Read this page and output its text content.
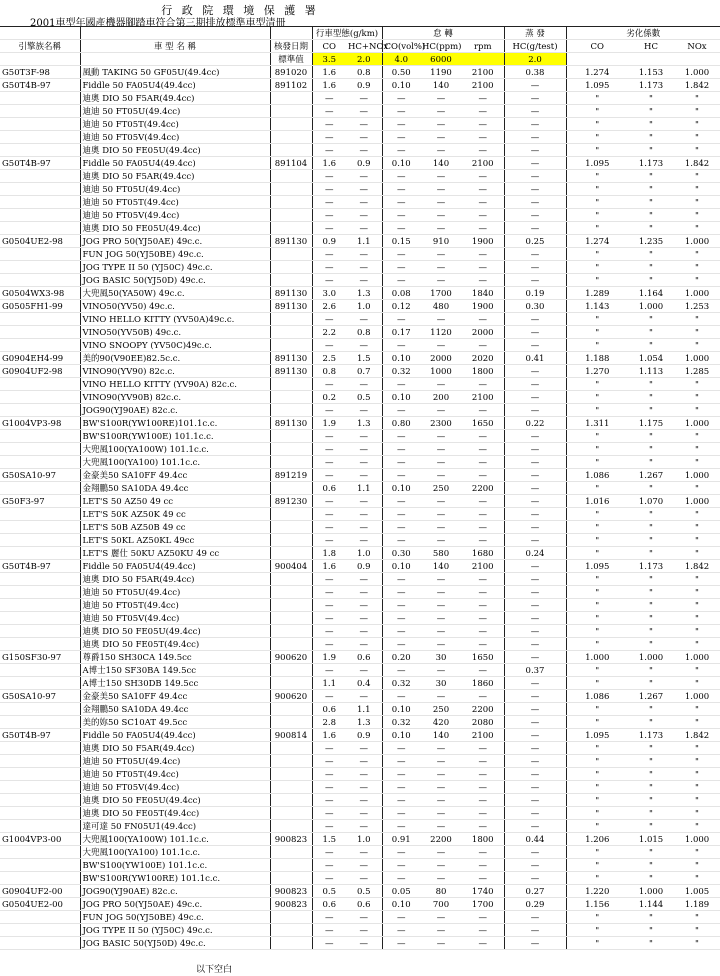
行 政 院 環 境 保 護 署
2001車型年國產機器腳踏車符合第三期排放標準車型清冊
			行車型態(g/km)		怠 轉			蒸 發	劣化係數		
引擎族名稱	車 型 名 稱	核發日期	CO	HC+NOx	CO(vol%)	HC(ppm)	rpm	HC(g/test)	CO	HC	NOx
		標準值	3.5	2.0	4.0	6000		2.0			
G50T3F-98	風動 TAKING 50 GF05U(49.4cc)	891020	1.6	0.8	0.50	1190	2100	0.38	1.274	1.153	1.000
G50T4B-97	Fiddle 50 FA05U4(49.4cc)	891102	1.6	0.9	0.10	140	2100	—	1.095	1.173	1.842
	迪奧 DIO 50 F5AR(49.4cc)		—	—	—	—	—	—	"	"	"
	迪迪 50 FT05U(49.4cc)		—	—	—	—	—	—	"	"	"
	迪迪 50 FT05T(49.4cc)		—	—	—	—	—	—	"	"	"
	迪迪 50 FT05V(49.4cc)		—	—	—	—	—	—	"	"	"
	迪奧 DIO 50 FE05U(49.4cc)		—	—	—	—	—	—	"	"	"
G50T4B-97	Fiddle 50 FA05U4(49.4cc)	891104	1.6	0.9	0.10	140	2100	—	1.095	1.173	1.842
	迪奧 DIO 50 F5AR(49.4cc)		—	—	—	—	—	—	"	"	"
	迪迪 50 FT05U(49.4cc)		—	—	—	—	—	—	"	"	"
	迪迪 50 FT05T(49.4cc)		—	—	—	—	—	—	"	"	"
	迪迪 50 FT05V(49.4cc)		—	—	—	—	—	—	"	"	"
	迪奧 DIO 50 FE05U(49.4cc)		—	—	—	—	—	—	"	"	"
G0504UE2-98	JOG PRO 50(YJ50AE) 49c.c.	891130	0.9	1.1	0.15	910	1900	0.25	1.274	1.235	1.000
	FUN JOG 50(YJ50BE) 49c.c.		—	—	—	—	—	—	"	"	"
	JOG TYPE II 50 (YJ50C) 49c.c.		—	—	—	—	—	—	"	"	"
	JOG BASIC 50(YJ50D) 49c.c.		—	—	—	—	—	—	"	"	"
G0504WX3-98	大兜風50(YA50W) 49c.c.	891130	3.0	1.3	0.08	1700	1840	0.19	1.289	1.164	1.000
G0505FH1-99	VINO50(YV50) 49c.c.	891130	2.6	1.0	0.12	480	1900	0.30	1.143	1.000	1.253
	VINO HELLO KITTY (YV50A)49c.c.		—	—	—	—	—	—	"	"	"
	VINO50(YV50B) 49c.c.		2.2	0.8	0.17	1120	2000	—	"	"	"
	VINO SNOOPY (YV50C)49c.c.		—	—	—	—	—	—	"	"	"
G0904EH4-99	美的90(V90EE)82.5c.c.	891130	2.5	1.5	0.10	2000	2020	0.41	1.188	1.054	1.000
G0904UF2-98	VINO90(YV90) 82c.c.	891130	0.8	0.7	0.32	1000	1800	—	1.270	1.113	1.285
	VINO HELLO KITTY (YV90A) 82c.c.		—	—	—	—	—	—	"	"	"
	VINO90(YV90B) 82c.c.		0.2	0.5	0.10	200	2100	—	"	"	"
	JOG90(YJ90AE) 82c.c.		—	—	—	—	—	—	"	"	"
G1004VP3-98	BW'S100R(YW100RE)101.1c.c.	891130	1.9	1.3	0.80	2300	1650	0.22	1.311	1.175	1.000
	BW'S100R(YW100E) 101.1c.c.		—	—	—	—	—	—	"	"	"
	大兜風100(YA100W) 101.1c.c.		—	—	—	—	—	—	"	"	"
	大兜風100(YA100) 101.1c.c.		—	—	—	—	—	—	"	"	"
G50SA10-97	金豪美50 SA10FF 49.4cc	891219	—	—	—	—	—	—	1.086	1.267	1.000
	金翔鵬50 SA10DA 49.4cc		0.6	1.1	0.10	250	2200	—	"	"	"
G50F3-97	LET'S 50 AZ50 49 cc	891230	—	—	—	—	—	—	1.016	1.070	1.000
	LET'S 50K AZ50K 49 cc		—	—	—	—	—	—	"	"	"
	LET'S 50B AZ50B 49 cc		—	—	—	—	—	—	"	"	"
	LET'S 50KL AZ50KL 49cc		—	—	—	—	—	—	"	"	"
	LET'S 麗仕 50KU AZ50KU 49 cc		1.8	1.0	0.30	580	1680	0.24	"	"	"
G50T4B-97	Fiddle 50 FA05U4(49.4cc)	900404	1.6	0.9	0.10	140	2100	—	1.095	1.173	1.842
	迪奧 DIO 50 F5AR(49.4cc)		—	—	—	—	—	—	"	"	"
	迪迪 50 FT05U(49.4cc)		—	—	—	—	—	—	"	"	"
	迪迪 50 FT05T(49.4cc)		—	—	—	—	—	—	"	"	"
	迪迪 50 FT05V(49.4cc)		—	—	—	—	—	—	"	"	"
	迪奧 DIO 50 FE05U(49.4cc)		—	—	—	—	—	—	"	"	"
	迪奧 DIO 50 FE05T(49.4cc)		—	—	—	—	—	—	"	"	"
G150SF30-97	尊爵150 SH30CA 149.5cc	900620	1.9	0.6	0.20	30	1650	—	1.000	1.000	1.000
	A博士150 SF30BA 149.5cc		—	—	—	—	—	0.37	"	"	"
	A博士150 SH30DB 149.5cc		1.1	0.4	0.32	30	1860	—	"	"	"
G50SA10-97	金豪美50 SA10FF 49.4cc	900620	—	—	—	—	—	—	1.086	1.267	1.000
	金翔鵬50 SA10DA 49.4cc		0.6	1.1	0.10	250	2200	—	"	"	"
	美的妳50 SC10AT 49.5cc		2.8	1.3	0.32	420	2080	—	"	"	"
G50T4B-97	Fiddle 50 FA05U4(49.4cc)	900814	1.6	0.9	0.10	140	2100	—	1.095	1.173	1.842
	迪奧 DIO 50 F5AR(49.4cc)		—	—	—	—	—	—	"	"	"
	迪迪 50 FT05U(49.4cc)		—	—	—	—	—	—	"	"	"
	迪迪 50 FT05T(49.4cc)		—	—	—	—	—	—	"	"	"
	迪迪 50 FT05V(49.4cc)		—	—	—	—	—	—	"	"	"
	迪奧 DIO 50 FE05U(49.4cc)		—	—	—	—	—	—	"	"	"
	迪奧 DIO 50 FE05T(49.4cc)		—	—	—	—	—	—	"	"	"
	達可達 50 FN05U1(49.4cc)		—	—	—	—	—	—	"	"	"
G1004VP3-00	大兜風100(YA100W) 101.1c.c.	900823	1.5	1.0	0.91	2200	1800	0.44	1.206	1.015	1.000
	大兜風100(YA100) 101.1c.c.		—	—	—	—	—	—	"	"	"
	BW'S100(YW100E) 101.1c.c.		—	—	—	—	—	—	"	"	"
	BW'S100R(YW100RE) 101.1c.c.		—	—	—	—	—	—	"	"	"
G0904UF2-00	JOG90(YJ90AE) 82c.c.	900823	0.5	0.5	0.05	80	1740	0.27	1.220	1.000	1.005
G0504UE2-00	JOG PRO 50(YJ50AE) 49c.c.	900823	0.6	0.6	0.10	700	1700	0.29	1.156	1.144	1.189
	FUN JOG 50(YJ50BE) 49c.c.		—	—	—	—	—	—	"	"	"
	JOG TYPE II 50 (YJ50C) 49c.c.		—	—	—	—	—	—	"	"	"
	JOG BASIC 50(YJ50D) 49c.c.		—	—	—	—	—	—	"	"	"
以下空白
